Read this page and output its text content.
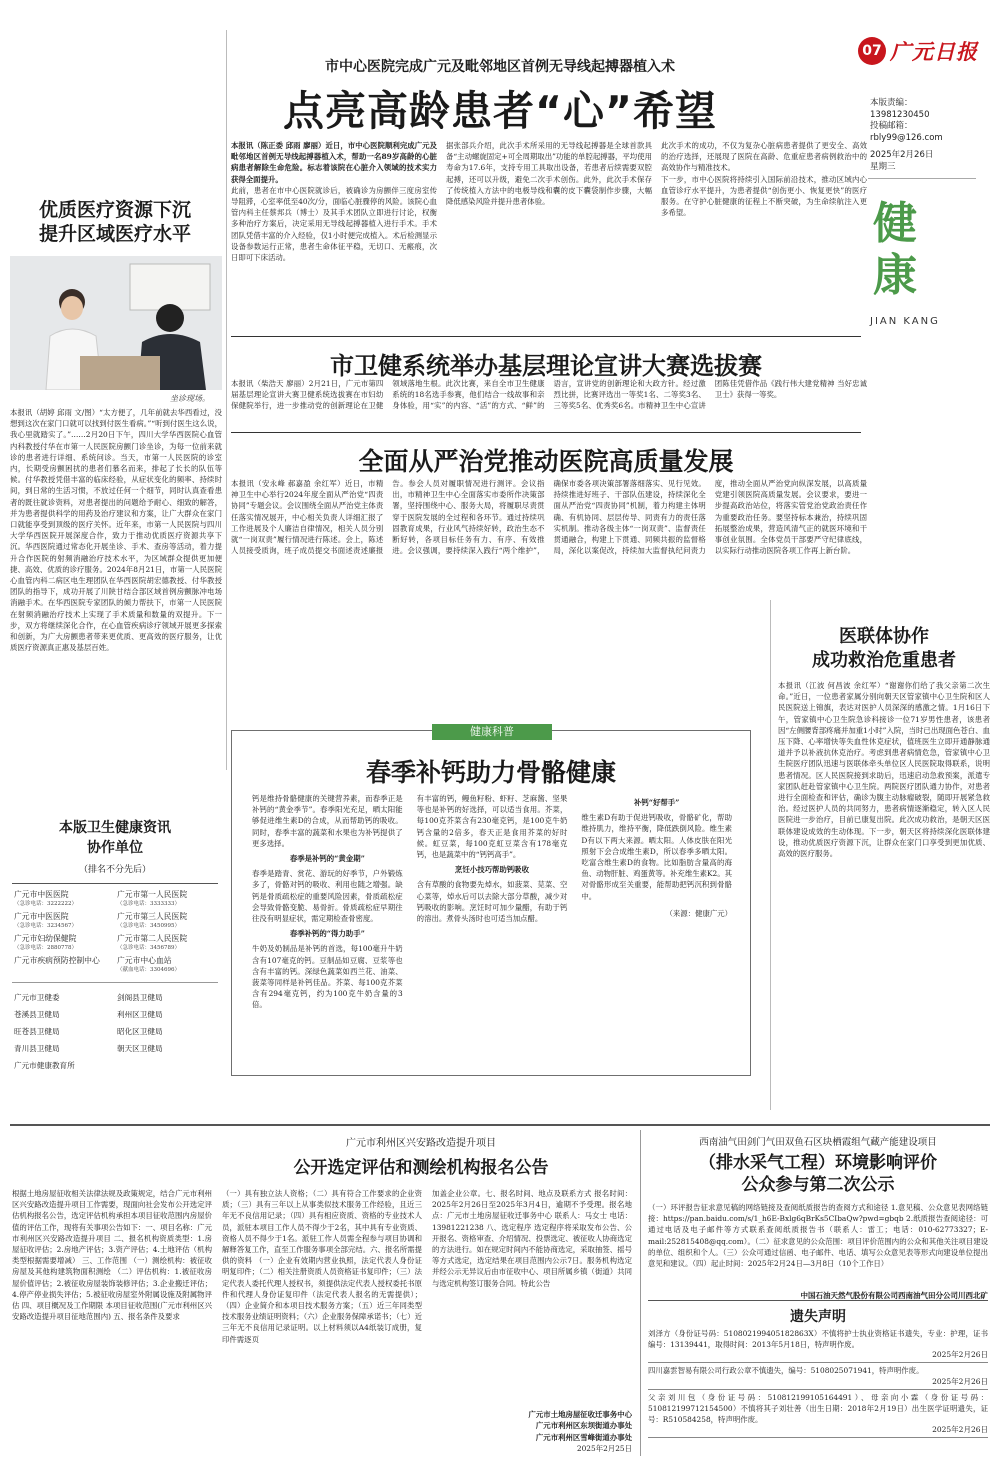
07 广元日报
本版责编：
13981230450
投稿邮箱：
rbly99@126.com
2025年2月26日
星期三
健
康
JIAN KANG
市中心医院完成广元及毗邻地区首例无导线起搏器植入术
点亮高龄患者“心”希望

本报讯（陈正委 邱雨 廖丽）近日，市中心医院顺利完成广元及毗邻地区首例无导线起搏器植入术，帮助一名89岁高龄的心脏病患者解除生命危险。标志着该院在心脏介入领域的技术实力获得全面提升。

此前，患者在市中心医院就诊后，被确诊为房颤伴三度房室传导阻滞，心室率低至40次/分，面临心脏骤停的风险。该院心血管内科主任蔡邦兵（博士）及其手术团队立即进行讨论，权衡多种治疗方案后，决定采用无导线起搏器植入进行手术。手术团队凭借丰富的介入经验，仅1小时便完成植入。术后检测显示设备参数运行正常，患者生命体征平稳，无切口、无瘢痕，次日即可下床活动。

据张部兵介绍，此次手术所采用的无导线起搏器是全球首款具备“主动螺旋固定+可全周期取出”功能的单腔起搏器，平均使用寿命为17.6年，支持专用工具取出设备，若患者后续需要双腔起搏，还可以升级，避免二次手术创伤。此外，此次手术保存了传统植入方法中的电极导线和囊的皮下囊袋制作步骤，大幅降低感染风险并提升患者体验。

此次手术的成功，不仅为复杂心脏病患者提供了更安全、高效的治疗选择，还展现了医院在高龄、危重症患者病例救治中的高效协作与精准技术。

下一步，市中心医院将持续引入国际前沿技术，推动区域内心血管诊疗水平提升，为患者提供“创伤更小、恢复更快”的医疗服务。在守护心脏健康的征程上不断突破，为生命续航注入更多希望。

优质医疗资源下沉
提升区域医疗水平
坐诊现场。
本报讯（胡婷 邱雨 文/图）“太方便了，几年前就去华西看过，没想到这次在家门口就可以找到付医生看病。”“听到付医生这么说，我心里就踏实了。”……2月20日下午，四川大学华西医院心血管内科教授付华在市第一人民医院房颤门诊坐诊，为每一位前来就诊的患者进行详细、系统问诊。当天，市第一人民医院的诊室内，长期受房颤困扰的患者们慕名而来，排起了长长的队伍等候。付华教授凭借丰富的临床经验，从症状变化的频率、持续时间，到日常的生活习惯，不放过任何一个细节，同时认真查看患者的既往就诊资料，对患者提出的问题给予耐心、细致的解答，并为患者提供科学的用药及治疗建议和方案，让广大群众在家门口就能享受到顶级的医疗关怀。近年来，市第一人民医院与四川大学华西医院开展深度合作，致力于推动优质医疗资源共享下沉。华西医院通过常态化开展坐诊、手术、查房等活动，着力提升合作医院的射频消融治疗技术水平，为区域群众提供更加便捷、高效、优质的诊疗服务。2024年8月21日，市第一人民医院心血管内科二病区电生理团队在华西医院胡宏德教授、付华教授团队的指导下，成功开展了川陕甘结合部区域首例房颤脉冲电场消融手术。在华西医院专家团队的倾力帮扶下，市第一人民医院在射频消融治疗技术上实现了手术质量和数量的双提升。下一步，双方将继续深化合作，在心血管疾病诊疗领域开展更多探索和创新，为广大房颤患者带来更优质、更高效的医疗服务，让优质医疗资源真正惠及基层百姓。
市卫健系统举办基层理论宣讲大赛选拔赛
本报讯（柴浩天 廖丽）2月21日，广元市第四届基层理论宣讲大赛卫健系统选拔赛在市妇幼保健院举行，进一步推动党的创新理论在卫健领域落地生根。此次比赛，来自全市卫生健康系统的18名选手参赛，他们结合一线故事和亲身体验，用“实”的内容、“活”的方式、“鲜”的语言，宣讲党的创新理论和大政方针。经过激烈比拼，比赛评选出一等奖1名、二等奖3名、三等奖5名、优秀奖6名。市精神卫生中心宣讲团陈佳凭借作品《践行伟大建党精神 当好忠诚卫士》获得一等奖。
全面从严治党推动医院高质量发展
本报讯（安永峰 郝嘉盈 余红军）近日，市精神卫生中心举行2024年度全面从严治党“四责协同”专题会议。会议围绕全面从严治党主体责任落实情况展开，中心相关负责人详细汇报了工作进展及个人廉洁自律情况，相关人员分别就“一岗双责”履行情况进行陈述。会上，陈述人员接受质询，班子成员提交书面述责述廉报告。参会人员对履职情况进行测评。会议指出，市精神卫生中心全面落实市委所作决策部署，坚持围绕中心、服务大局，将履职尽责贯穿于医院发展的全过程和各环节。通过持续巩固教育成果，行业风气持续好转，政治生态不断好转，各项目标任务有力、有序、有效推进。会议强调，要持续深入践行“两个维护”，确保市委各项决策部署落细落实、见行见效。持续推进好班子、干部队伍建设，持续深化全面从严治党“四责协同”机制，着力构建主体明确、有机协同、层层传导、同责有力的责任落实机制。推动各级主体“一岗双责”、监督责任贯通融合，构建上下贯通、同频共振的监督格局，深化以案促改，持续加大监督执纪问责力度，推动全面从严治党向纵深发展，以高质量党建引领医院高质量发展。会议要求，要进一步提高政治站位，将落实管党治党政治责任作为重要政治任务。要坚持标本兼治，持续巩固拓展整治成果，营造风清气正的就医环境和干事创业氛围。全体党员干部要严守纪律底线，以实际行动推动医院各项工作再上新台阶。
本版卫生健康资讯
协作单位
（排名不分先后）
广元市中医医院
（急诊电话：3222222）
广元市第一人民医院
（急诊电话：3333333）
广元市中医医院
（急诊电话：3234567）
广元市第三人民医院
（急诊电话：3450995）
广元市妇幼保健院
（急诊电话：2880778）
广元市第二人民医院
（急诊电话：3456789）
广元市疾病预防控制中心	广元市中心血站
（献血电话：3304696）
广元市卫健委	剑阁县卫健局
苍溪县卫健局	利州区卫健局
旺苍县卫健局	昭化区卫健局
青川县卫健局	朝天区卫健局
广元市健康教育所
健康科普
春季补钙助力骨骼健康

钙是维持骨骼健康的关键营养素，而春季正是补钙的“黄金季节”。春季阳光充足，晒太阳能够促进维生素D的合成，从而帮助钙的吸收。同时，春季丰富的蔬菜和水果也为补钙提供了更多选择。

春季是补钙的“黄金期”

春季是踏青、赏花、游玩的好季节，户外锻炼多了，骨骼对钙的吸收、利用也随之增强。缺钙是骨质疏松症的重要风险因素，骨质疏松症会导致骨骼变脆、易骨折。骨质疏松症早期往往没有明显症状，需定期检查骨密度。

春季补钙的“得力助手”

牛奶及奶制品是补钙的首选，每100毫升牛奶含有107毫克的钙。豆制品如豆腐、豆浆等也含有丰富的钙。深绿色蔬菜如西兰花、油菜、菠菜等同样是补钙佳品。芥菜、每100克芥菜含有294毫克钙，约为100克牛奶含量的3倍。

有丰富的钙，鳗鱼籽粉、虾籽、芝麻酱、坚果等也是补钙的好选择，可以适当食用。芥菜，每100克芥菜含有230毫克钙，是100克牛奶钙含量的2倍多，春天正是食用芥菜的好时候。虹豆菜，每100克虹豆菜含有178毫克钙，也是蔬菜中的“钙钙高手”。

烹饪小技巧帮助钙吸收

含有草酸的食物要先焯水，如菠菜、苋菜、空心菜等，焯水后可以去除大部分草酸，减少对钙吸收的影响。烹饪时可加少量醋，有助于钙的溶出。煮骨头汤时也可适当加点醋。

补钙“好帮手”

维生素D有助于促进钙吸收，骨骼矿化，帮助维持肌力，维持平衡，降低跌倒风险。维生素D有以下两大来源。晒太阳。人体皮肤在阳光照射下会合成维生素D，所以春季多晒太阳。吃富含维生素D的食物。比如脂肪含量高的海鱼、动物肝脏、鸡蛋黄等。补充维生素K2。其对骨骼形成至关重要，能帮助把钙沉积到骨骼中。

（来源：健康广元）

医联体协作
成功救治危重患者
本报讯（江波 何昌波 余红军）“谢谢你们给了我父亲第二次生命。”近日，一位患者家属分别向朝天区管家镇中心卫生院和区人民医院送上锦旗，表达对医护人员深深的感激之情。1月16日下午，管家镇中心卫生院急诊科接诊一位71岁男性患者，该患者因“左侧腰背部疼痛并加重1小时”入院，当时已出现面色苍白、血压下降、心率增快等失血性休克症状，值班医生立即开通静脉通道并予以补液抗休克治疗。考虑到患者病情危急，管家镇中心卫生院医疗团队迅速与医联体牵头单位区人民医院取得联系，说明患者情况。区人民医院接到求助后，迅速启动急救预案，派遣专家团队赶赴管家镇中心卫生院。两院医疗团队通力协作，对患者进行全面检查和评估，确诊为腹主动脉瘤破裂，随即开展紧急救治。经过医护人员的共同努力，患者病情逐渐稳定，转入区人民医院进一步治疗，目前已康复出院。此次成功救治，是朝天区医联体建设成效的生动体现。下一步，朝天区将持续深化医联体建设，推动优质医疗资源下沉，让群众在家门口享受到更加优质、高效的医疗服务。
广元市利州区兴安路改造提升项目
公开选定评估和测绘机构报名公告
根据土地房屋征收相关法律法规及政策规定，结合广元市利州区兴安路改造提升项目工作需要，现面向社会发布公开选定评估机构报名公告，选定评估机构承担本项目征收范围内房屋价值的评估工作，现将有关事项公告如下：一、项目名称：广元市利州区兴安路改造提升项目 二、报名机构资质类型：1.房屋征收评估；2.房地产评估；3.资产评估；4.土地评估（机构类型根据需要增减） 三、工作范围 （一）测绘机构：被征收房屋及其他构建筑物面积测绘 （二）评估机构：1.被征收房屋价值评估；2.被征收房屋装饰装修评估；3.企业搬迁评估；4.停产停业损失评估；5.被征收房屋室外附属设施及附属物评估 四、项目概况及工作期限 本项目征收范围(广元市利州区兴安路改造提升项目征地范围内) 五、报名条件及要求
（一）具有独立法人资格；（二）具有符合工作要求的企业资质；（三）具有三年以上从事类似技术服务工作经验，且近三年无不良信用记录；（四）具有相应资质、资格的专业技术人员，派驻本项目工作人员不得少于2名，其中具有专业资质、资格人员不得少于1名。派驻工作人员需全程参与项目协调和解释答复工作，直至工作服务事项全部完结。六、报名所需提供的资料 （一）企业有效期内营业执照，法定代表人身份证明复印件；（二）相关注册资质人员资格证书复印件；（三）法定代表人委托代理人授权书，须提供法定代表人授权委托书原件和代理人身份证复印件（法定代表人报名的无需提供）；（四）企业简介和本项目技术服务方案；（五）近三年同类型技术服务业绩证明资料；（六）企业服务保障承诺书；（七）近三年无不良信用记录证明。以上材料须以A4纸装订成册，复印件需逐页
加盖企业公章。七、报名时间、地点及联系方式 报名时间：2025年2月26日至2025年3月4日，逾期不予受理。报名地点：广元市土地房屋征收迁事务中心 联系人：马女士 电话：13981221238 八、选定程序 选定程序将采取发布公告、公开报名、资格审查、介绍情况、投票选定、被征收人协商选定的方法进行。如在规定时间内不能协商选定，采取抽签、摇号等方式选定，选定结果在项目范围内公示7日。服务机构选定并经公示无异议后由市征收中心、项目所属乡镇（街道）共同与选定机构签订服务合同。特此公告
广元市土地房屋征收迁事务中心
广元市利州区东坝街道办事处
广元市利州区雪峰街道办事处
2025年2月25日
西南油气田剑门气田双鱼石区块栖霞组气藏产能建设项目
（排水采气工程）环境影响评价
公众参与第二次公示
（一）环评报告征求意见稿的网络链接及查阅纸质报告的查阅方式和途径 1.意见稿、公众意见表网络链接：https://pan.baidu.com/s/1_h6E-Bxlg6qBrKs5CIbaQw?pwd=gbqb 2.纸质报告查阅途径：可通过电话及电子邮件等方式联系查阅纸质报告书（联系人：雷工；电话：010-62773327；E-mail:252815408@qq.com）。（二）征求意见的公众范围：项目评价范围内的公众和其他关注项目建设的单位、组织和个人。（三）公众可通过信函、电子邮件、电话、填写公众意见表等形式向建设单位提出意见和建议。（四）起止时间：2025年2月24日—3月8日（10个工作日）
中国石油天然气股份有限公司西南油气田分公司川西北矿
遗失声明
刘泽方（身份证号码：510802199405182863X）不慎将护士执业资格证书遗失，专业：护理，证书编号：13139441，取得时间：2013年5月18日，特声明作废。
2025年2月26日
四川嘉雲智易有限公司行政公章不慎遗失，编号：5108025071941，特声明作废。
2025年2月26日
父亲刘川包（身份证号码：510812199105164491）、母亲向小霖（身份证号码：510812199712154500）不慎将其子刘壮善（出生日期：2018年2月19日）出生医学证明遗失，证号：R510584258，特声明作废。
2025年2月26日
